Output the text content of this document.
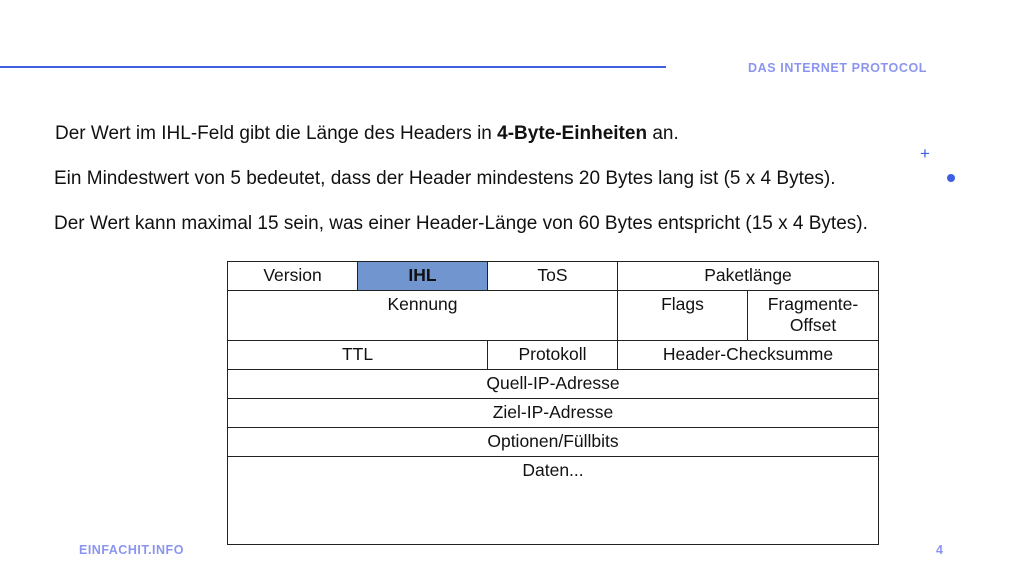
DAS INTERNET PROTOCOL
Der Wert im IHL-Feld gibt die Länge des Headers in 4-Byte-Einheiten an.
Ein Mindestwert von 5 bedeutet, dass der Header mindestens 20 Bytes lang ist (5 x 4 Bytes).
Der Wert kann maximal 15 sein, was einer Header-Länge von 60 Bytes entspricht (15 x 4 Bytes).
+
Version	IHL	ToS	Paketlänge	
Kennung			Flags	Fragmente-
Offset
TTL		Protokoll	Header-Checksumme	
Quell-IP-Adresse				
Ziel-IP-Adresse				
Optionen/Füllbits				
Daten...				
EINFACHIT.INFO	4
